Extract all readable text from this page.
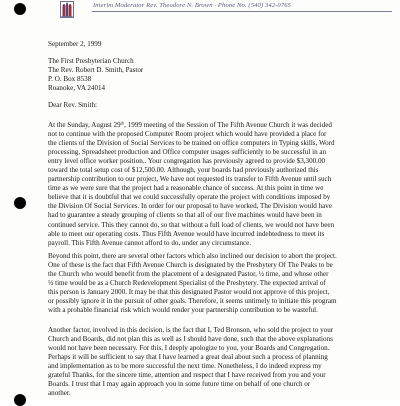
Interim Moderator Rev. Theodore N. Brown · Phone No. (540) 342-0765
September 2, 1999
The First Presbyterian Church
The Rev. Robert D. Smith, Pastor
P. O. Box 8538
Roanoke, VA 24014
Dear Rev. Smith:
At the Sunday, August 29th, 1999 meeting of the Session of The Fifth Avenue Church it was decided
not to continue with the proposed Computer Room project which would have provided a place for
the clients of the Division of Social Services to be trained on office computers in Typing skills, Word
processing, Spreadsheet production and Office computer usages sufficiently to be successful in an
entry level office worker position.. Your congregation has previously agreed to provide $3,300.00
toward the total setup cost of $12,500.00. Although, your boards had previously authorized this
partnership contribution to our project, We have not requested its transfer to Fifth Avenue until such
time as we were sure that the project had a reasonable chance of success. At this point in time we
believe that it is doubtful that we could successfully operate the project with conditions imposed by
the Division Of Social Services. In order for our proposal to have worked, The Division would have
had to guarantee a steady grouping of clients so that all of our five machines would have been in
continued service. This they cannot do, so that without a full load of clients, we would not have been
able to meet our operating costs. Thus Fifth Avenue would have incurred indebtedness to meet its
payroll. This Fifth Avenue cannot afford to do, under any circumstance.
Beyond this point, there are several other factors which also inclined our decision to abort the project.
One of these is the fact that Fifth Avenue Church is designated by the Presbytery Of The Peaks to be
the Church who would benefit from the placement of a designated Pastor, ½ time, and whose other
½ time would be as a Church Redevelopment Specialist of the Presbytery. The expected arrival of
this person is January 2000. It may be that this designated Pastor would not approve of this project,
or possibly ignore it in the pursuit of other goals. Therefore, it seems untimely to initiate this program
with a probable financial risk which would render your partnership contribution to be wasteful.
Another factor, involved in this decision, is the fact that I, Ted Bronson, who sold the project to your
Church and Boards, did not plan this as well as I should have done, such that the above explanations
would not have been necessary. For this, I deeply apologize to you, your Boards and Congregation.
Perhaps it will be sufficient to say that I have learned a great deal about such a process of planning
and implementation as to be more successful the next time. Nonetheless, I do indeed express my
grateful Thanks, for the sincere time, attention and respect that I have received from you and your
Boards. I trust that I may again approach you in some future time on behalf of one church or
another.
